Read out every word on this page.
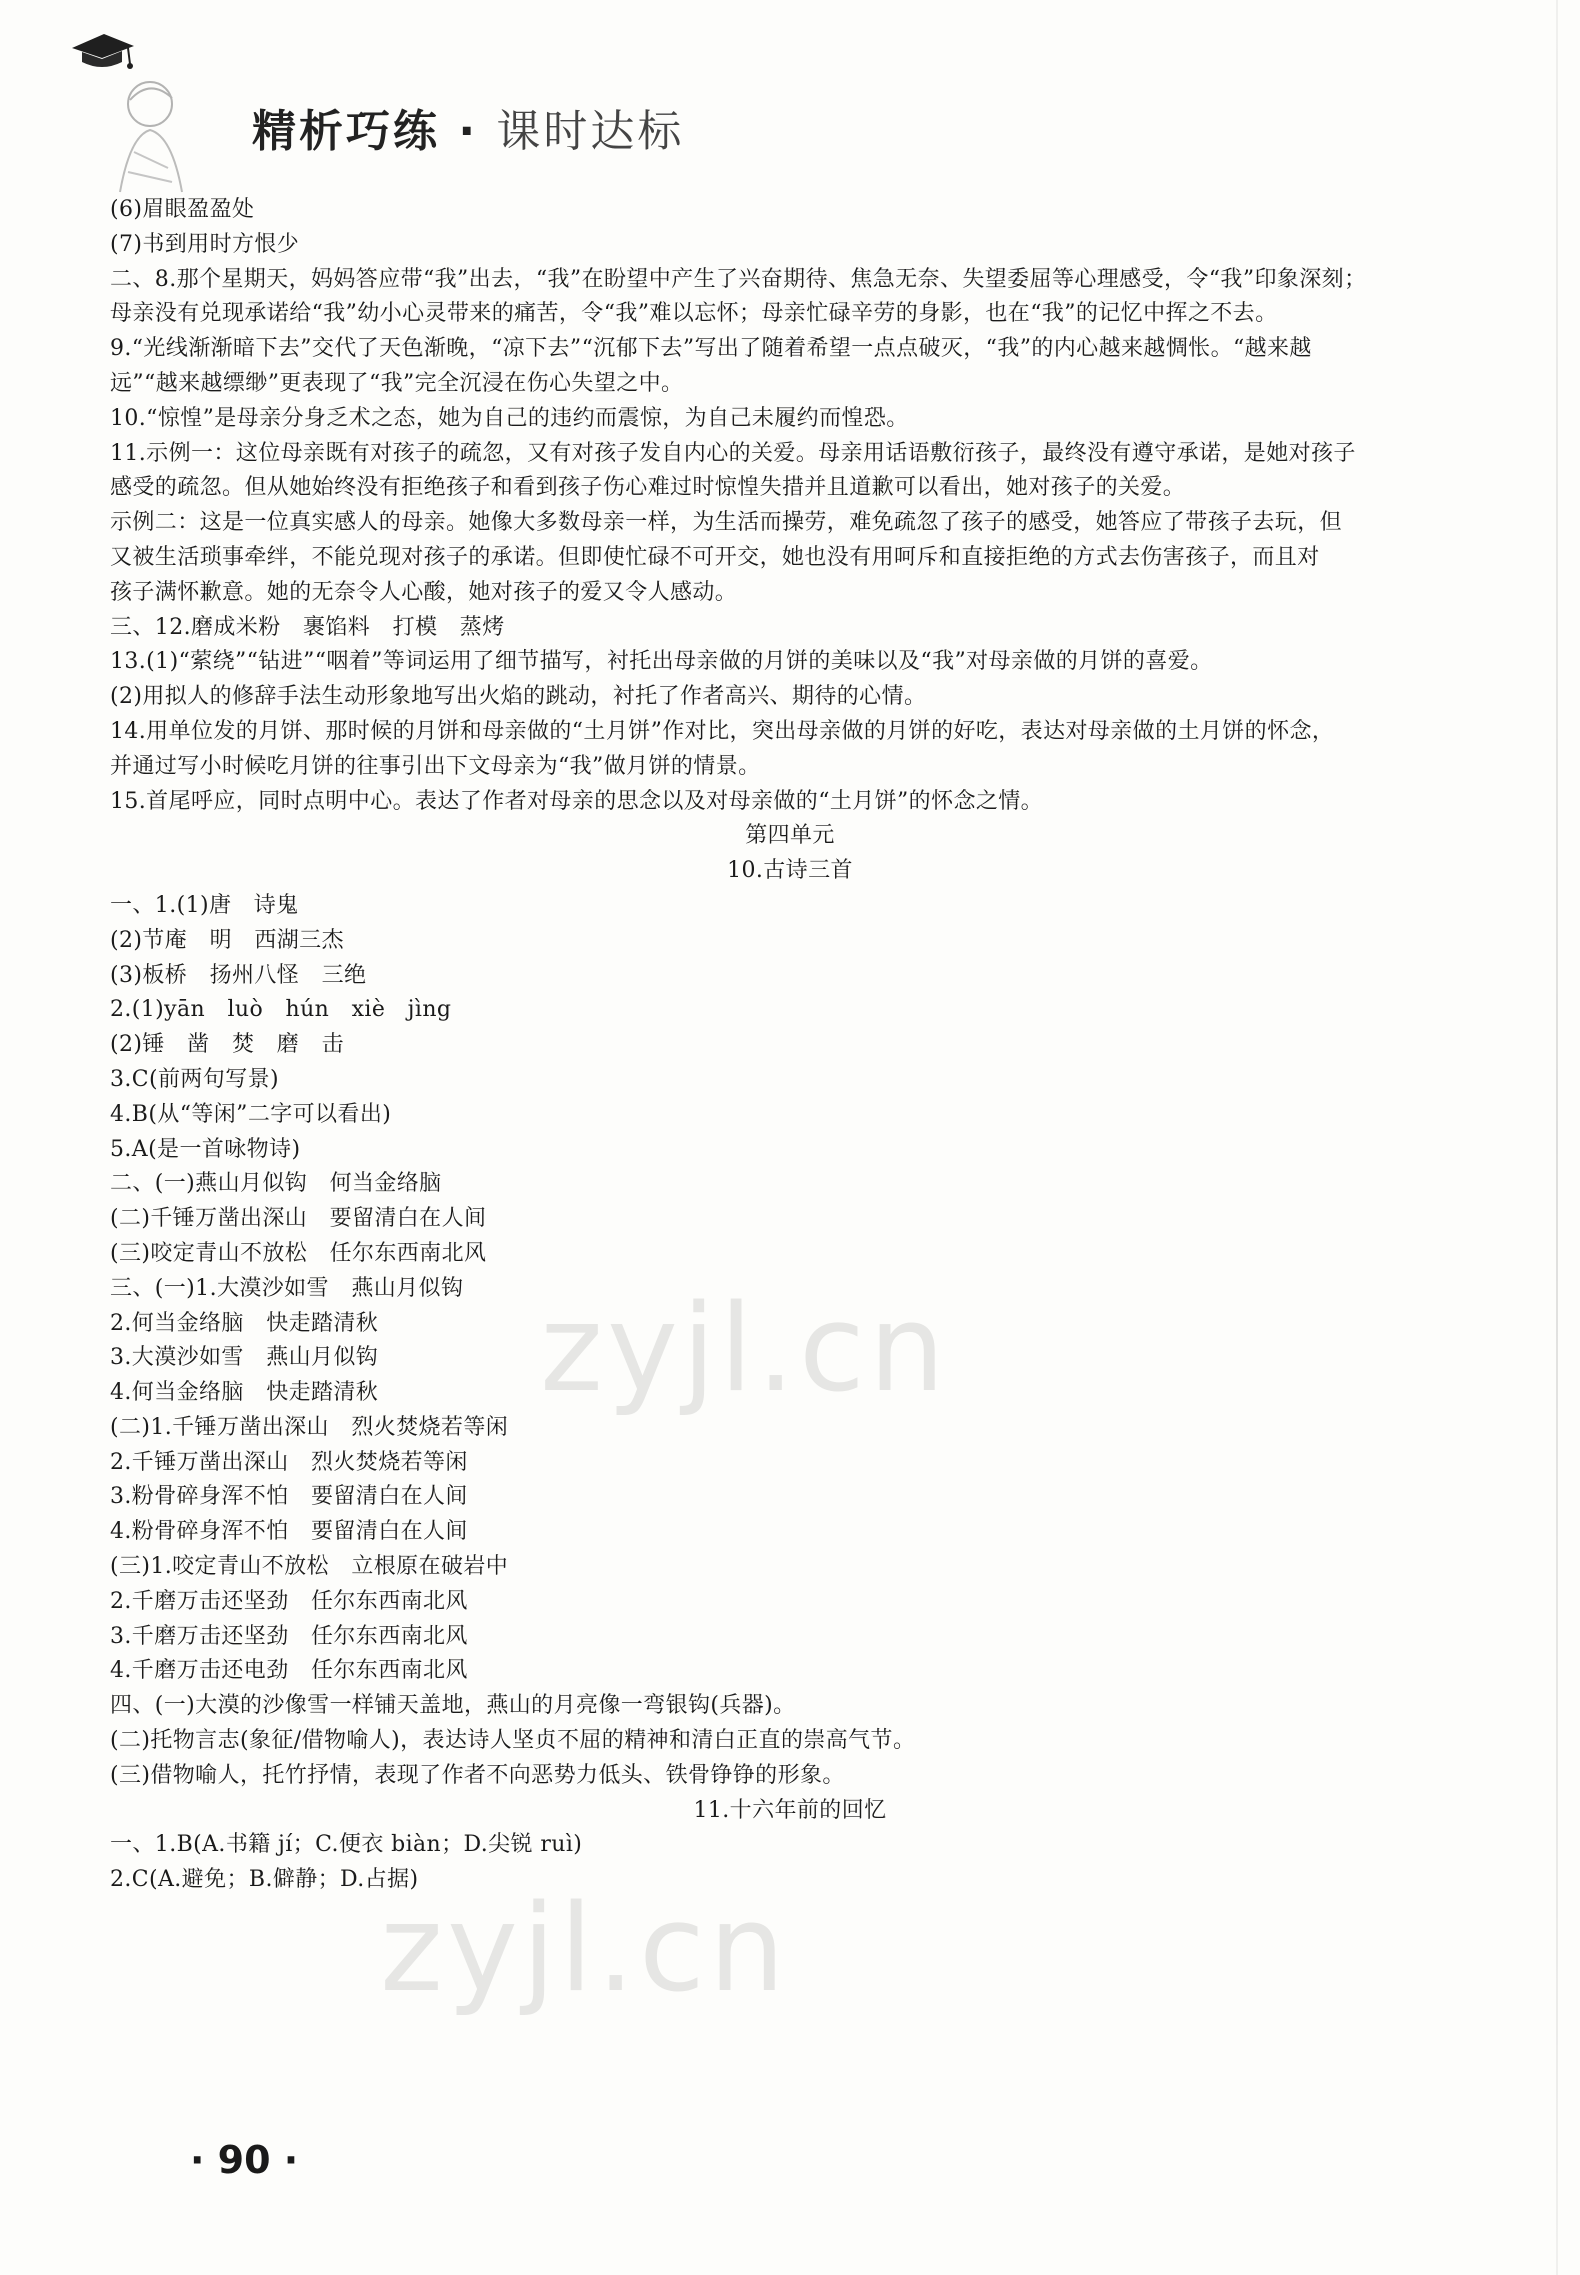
精析巧练 · 课时达标
(6)眉眼盈盈处
(7)书到用时方恨少
二、8.那个星期天，妈妈答应带“我”出去，“我”在盼望中产生了兴奋期待、焦急无奈、失望委屈等心理感受，令“我”印象深刻；
母亲没有兑现承诺给“我”幼小心灵带来的痛苦，令“我”难以忘怀；母亲忙碌辛劳的身影，也在“我”的记忆中挥之不去。
9.“光线渐渐暗下去”交代了天色渐晚，“凉下去”“沉郁下去”写出了随着希望一点点破灭，“我”的内心越来越惆怅。“越来越
远”“越来越缥缈”更表现了“我”完全沉浸在伤心失望之中。
10.“惊惶”是母亲分身乏术之态，她为自己的违约而震惊，为自己未履约而惶恐。
11.示例一：这位母亲既有对孩子的疏忽，又有对孩子发自内心的关爱。母亲用话语敷衍孩子，最终没有遵守承诺，是她对孩子
感受的疏忽。但从她始终没有拒绝孩子和看到孩子伤心难过时惊惶失措并且道歉可以看出，她对孩子的关爱。
示例二：这是一位真实感人的母亲。她像大多数母亲一样，为生活而操劳，难免疏忽了孩子的感受，她答应了带孩子去玩，但
又被生活琐事牵绊，不能兑现对孩子的承诺。但即使忙碌不可开交，她也没有用呵斥和直接拒绝的方式去伤害孩子，而且对
孩子满怀歉意。她的无奈令人心酸，她对孩子的爱又令人感动。
三、12.磨成米粉　裹馅料　打模　蒸烤
13.(1)“萦绕”“钻进”“咽着”等词运用了细节描写，衬托出母亲做的月饼的美味以及“我”对母亲做的月饼的喜爱。
(2)用拟人的修辞手法生动形象地写出火焰的跳动，衬托了作者高兴、期待的心情。
14.用单位发的月饼、那时候的月饼和母亲做的“土月饼”作对比，突出母亲做的月饼的好吃，表达对母亲做的土月饼的怀念，
并通过写小时候吃月饼的往事引出下文母亲为“我”做月饼的情景。
15.首尾呼应，同时点明中心。表达了作者对母亲的思念以及对母亲做的“土月饼”的怀念之情。
第四单元
10.古诗三首
一、1.(1)唐　诗鬼
(2)节庵　明　西湖三杰
(3)板桥　扬州八怪　三绝
2.(1)yān　luò　hún　xiè　jìng
(2)锤　凿　焚　磨　击
3.C(前两句写景)
4.B(从“等闲”二字可以看出)
5.A(是一首咏物诗)
二、(一)燕山月似钩　何当金络脑
(二)千锤万凿出深山　要留清白在人间
(三)咬定青山不放松　任尔东西南北风
三、(一)1.大漠沙如雪　燕山月似钩
2.何当金络脑　快走踏清秋
3.大漠沙如雪　燕山月似钩
4.何当金络脑　快走踏清秋
(二)1.千锤万凿出深山　烈火焚烧若等闲
2.千锤万凿出深山　烈火焚烧若等闲
3.粉骨碎身浑不怕　要留清白在人间
4.粉骨碎身浑不怕　要留清白在人间
(三)1.咬定青山不放松　立根原在破岩中
2.千磨万击还坚劲　任尔东西南北风
3.千磨万击还坚劲　任尔东西南北风
4.千磨万击还电劲　任尔东西南北风
四、(一)大漠的沙像雪一样铺天盖地，燕山的月亮像一弯银钩(兵器)。
(二)托物言志(象征/借物喻人)，表达诗人坚贞不屈的精神和清白正直的崇高气节。
(三)借物喻人，托竹抒情，表现了作者不向恶势力低头、铁骨铮铮的形象。
11.十六年前的回忆
一、1.B(A.书籍 jí；C.便衣 biàn；D.尖锐 ruì)
2.C(A.避免；B.僻静；D.占据)
zyjl.cn
zyjl.cn
· 90 ·
